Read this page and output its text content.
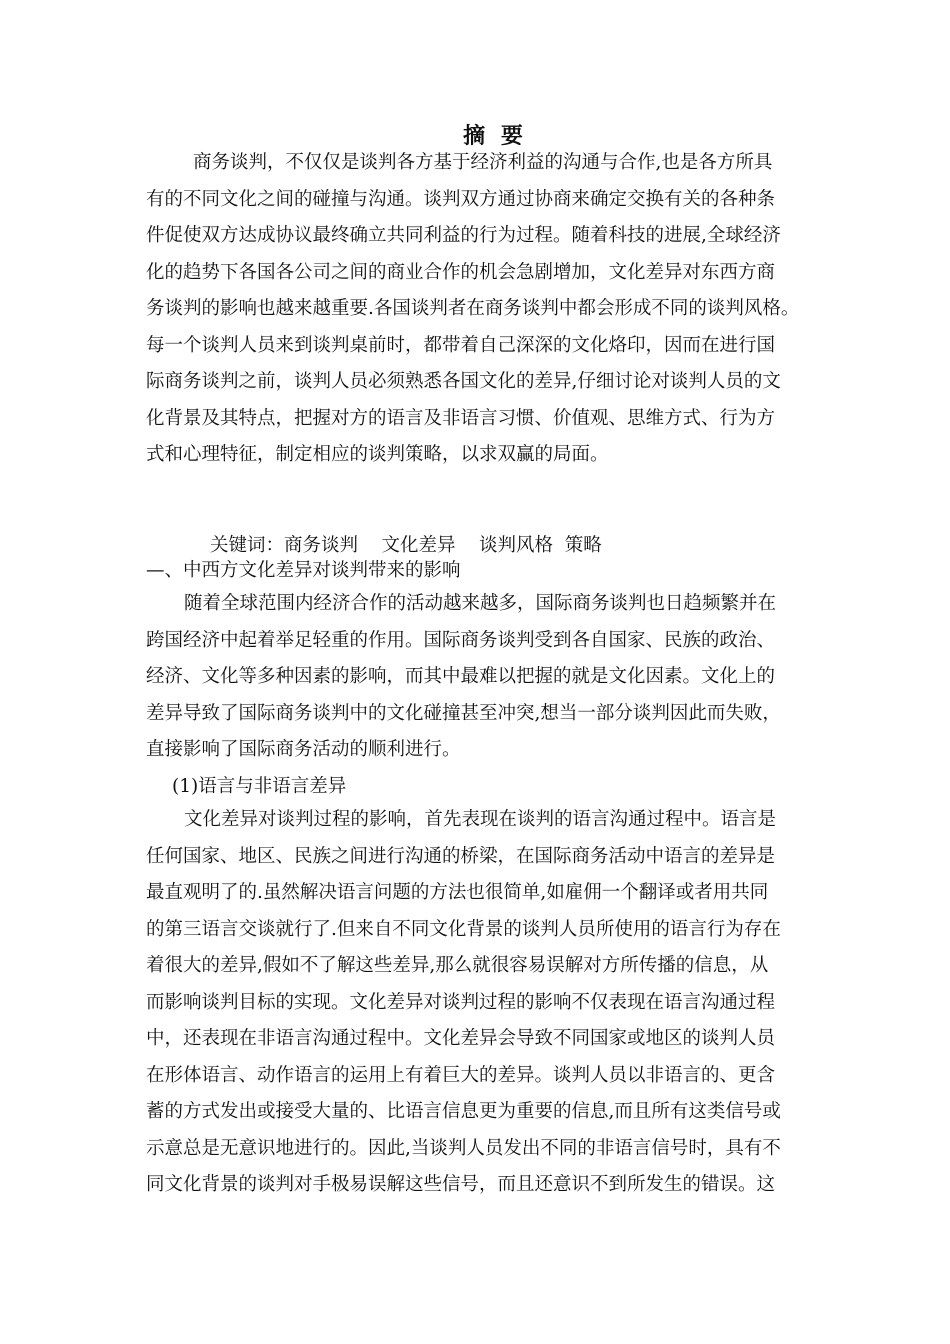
摘 要
商务谈判，不仅仅是谈判各方基于经济利益的沟通与合作,也是各方所具
有的不同文化之间的碰撞与沟通。谈判双方通过协商来确定交换有关的各种条
件促使双方达成协议最终确立共同利益的行为过程。随着科技的进展,全球经济
化的趋势下各国各公司之间的商业合作的机会急剧增加，文化差异对东西方商
务谈判的影响也越来越重要.各国谈判者在商务谈判中都会形成不同的谈判风格。
每一个谈判人员来到谈判桌前时，都带着自己深深的文化烙印，因而在进行国
际商务谈判之前，谈判人员必须熟悉各国文化的差异,仔细讨论对谈判人员的文
化背景及其特点，把握对方的语言及非语言习惯、价值观、思维方式、行为方
式和心理特征，制定相应的谈判策略，以求双赢的局面。
关键词：商务谈判    文化差异    谈判风格  策略
—、中西方文化差异对谈判带来的影响
随着全球范围内经济合作的活动越来越多，国际商务谈判也日趋频繁并在
跨国经济中起着举足轻重的作用。国际商务谈判受到各自国家、民族的政治、
经济、文化等多种因素的影响，而其中最难以把握的就是文化因素。文化上的
差异导致了国际商务谈判中的文化碰撞甚至冲突,想当一部分谈判因此而失败，
直接影响了国际商务活动的顺利进行。
(1)语言与非语言差异
文化差异对谈判过程的影响，首先表现在谈判的语言沟通过程中。语言是
任何国家、地区、民族之间进行沟通的桥梁，在国际商务活动中语言的差异是
最直观明了的.虽然解决语言问题的方法也很简单,如雇佣一个翻译或者用共同
的第三语言交谈就行了.但来自不同文化背景的谈判人员所使用的语言行为存在
着很大的差异,假如不了解这些差异,那么就很容易误解对方所传播的信息，从
而影响谈判目标的实现。文化差异对谈判过程的影响不仅表现在语言沟通过程
中，还表现在非语言沟通过程中。文化差异会导致不同国家或地区的谈判人员
在形体语言、动作语言的运用上有着巨大的差异。谈判人员以非语言的、更含
蓄的方式发出或接受大量的、比语言信息更为重要的信息,而且所有这类信号或
示意总是无意识地进行的。因此,当谈判人员发出不同的非语言信号时，具有不
同文化背景的谈判对手极易误解这些信号，而且还意识不到所发生的错误。这
